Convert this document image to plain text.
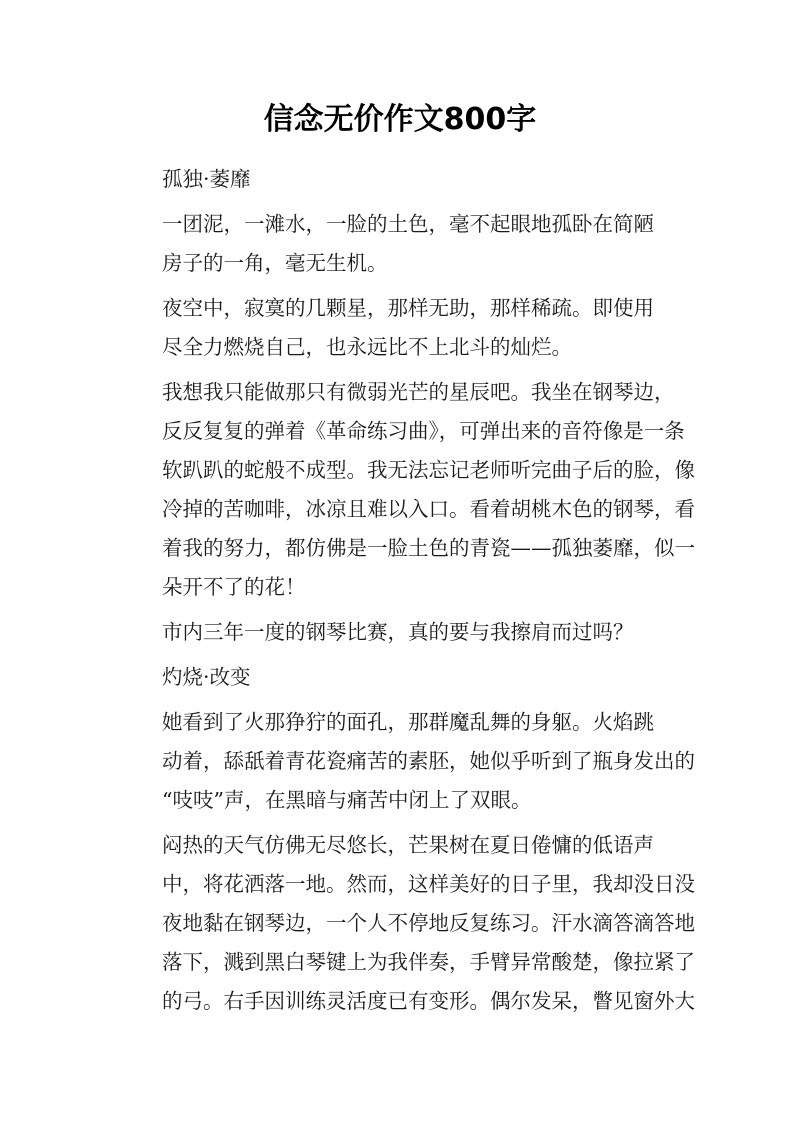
信念无价作文800字

孤独·萎靡

一团泥，一滩水，一脸的土色，毫不起眼地孤卧在简陋
房子的一角，毫无生机。

夜空中，寂寞的几颗星，那样无助，那样稀疏。即使用
尽全力燃烧自己，也永远比不上北斗的灿烂。

我想我只能做那只有微弱光芒的星辰吧。我坐在钢琴边，
反反复复的弹着《革命练习曲》，可弹出来的音符像是一条
软趴趴的蛇般不成型。我无法忘记老师听完曲子后的脸，像
冷掉的苦咖啡，冰凉且难以入口。看着胡桃木色的钢琴，看
着我的努力，都仿佛是一脸土色的青瓷——孤独萎靡，似一
朵开不了的花！

市内三年一度的钢琴比赛，真的要与我擦肩而过吗？

灼烧·改变

她看到了火那狰狞的面孔，那群魔乱舞的身躯。火焰跳
动着，舔舐着青花瓷痛苦的素胚，她似乎听到了瓶身发出的
“吱吱”声，在黑暗与痛苦中闭上了双眼。

闷热的天气仿佛无尽悠长，芒果树在夏日倦慵的低语声
中，将花洒落一地。然而，这样美好的日子里，我却没日没
夜地黏在钢琴边，一个人不停地反复练习。汗水滴答滴答地
落下，溅到黑白琴键上为我伴奏，手臂异常酸楚，像拉紧了
的弓。右手因训练灵活度已有变形。偶尔发呆，瞥见窗外大
